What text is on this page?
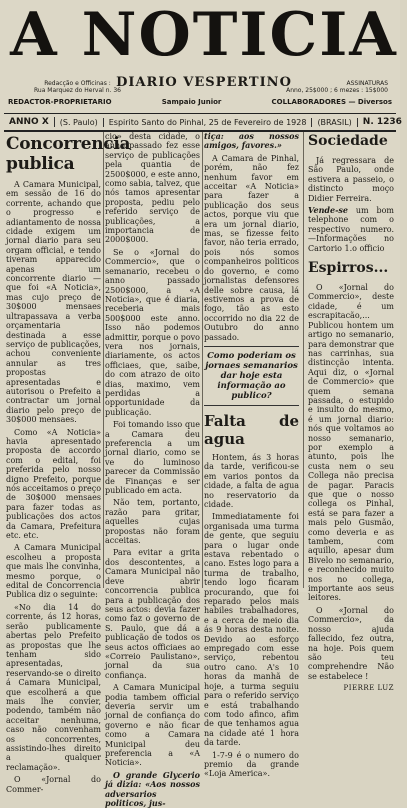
A NOTICIA
Redacção e Officinas :
Rua Marquez do Herval n. 36
DIARIO VESPERTINO	ASSINATURAS
Anno, 25$000 ; 6 mezes : 15$000
REDACTOR-PROPRIETARIO	Sampaio Junior	COLLABORADORES — Diversos
ANNO X	(S. Paulo)	Espirito Santo do Pinhal, 25 de Fevereiro de 1928	(BRASIL)	N. 1236
Concorrencia publica

A Camara Municipal, em sessão de 16 do corrente, achando que o progresso e adiantamento de nossa cidade exigem um jornal diario para seu orgam official, e tendo tiveram apparecido apenas um concorrente diario — que foi «A Noticia», mas cujo preço de 30$000 mensaes ultrapassava a verba orçamentaria destinada a esse serviço de publicações, achou conveniente annular as tres propostas apresentadas e autorisou o Prefeito a contractar um jornal diario pelo preço de 30$000 mensaes.

Como «A Noticia» havia apresentado proposta de accordo com o edital, foi preferida pelo nosso digno Prefeito, porque nós acceitamos o preço de 30$000 mensaes para fazer todas as publicações dos actos da Camara, Prefeitura etc. etc.

A Camara Municipal escolheu a proposta que mais lhe convinha, mesmo porque, o edital de Concorrencia Publica diz o seguinte:

«No dia 14 do corrente, ás 12 horas, serão publicamente abertas pelo Prefeito as propostas que lhe tenham sido apresentadas, reservando-se o direito á Camara Municipal, que escolherá a que mais lhe convier, podendo, também não acceitar nenhuma, caso não convenham os concorrentes, assistindo-lhes direito a qualquer reclamação».

O «Jornal do Commer-

cio» desta cidade, o anno passado fez esse serviço de publicações pela quantia de 2500$000, e este anno, como sabia, talvez, que nós tamos apresentar proposta, pediu pelo referido serviço de publicações, a importancia de 2000$000.

Se o «Jornal do Commercio», que o semanario, recebeu o anno passado 2500$000, a «A Noticia», que é diaria, receberia mais 500$000 este anno. Isso não podemos admittir, porque o povo vera nos jornais, diariamente, os actos officiaes, que, saibe, do com atrazo de oito dias, maximo, vem perdidas a opportunidade da publicação.

Foi tomando isso que a Camara deu preferencia a um jornal diario, como se ve do luminoso parecer da Commissão de Finanças e ser publicado em acta.

Não tem, portanto, razão para gritar, aquelles cujas propostas não foram acceitas.

Para evitar a grita dos descontentes, a Camara Municipal não deve abrir concorrencia publica para a publicação dos seus actos: devia fazer como faz o governo de S. Paulo, que dá a publicação de todos os seus actos officiaes ao «Correio Paulistano», jornal da sua confiança.

A Camara Municipal podia tambem official deveria servir um jornal de confiança do governo e não ficar como a Camara Municipal deu preferencia a «A Noticia».

O grande Glycerio já dizia: «Aos nossos adversarios politicos, jus-

tiça: aos nossos amigos, favores.»

A Camara de Pinhal, porém, não fez nenhum favor em acceitar «A Noticia» para fazer a publicação dos seus actos, porque viu que era um jornal diario, mas, se fizesse feito favor, não teria errado, pois nós somos companheiros politicos do governo, e como jornalistas defensores delle sobre causa, lá estivemos a prova de fogo, tão as esto occorrido no dia 22 de Outubro do anno passado.

Como poderiam os jornaes semanarios dar hoje esta informação ao publico?
Falta de agua

Hontem, ás 3 horas da tarde, verificou-se em varios pontos da cidade, a falta de agua no reservatorio da cidade.

Immediatamente foi organisada uma turma de gente, que seguiu para o lugar onde estava rebentado o cano. Estes logo para a turma de trabalho, tendo logo ficaram procurando, que foi reparado pelos mais habiles trabalhadores, e a cerca de meio dia ás 9 horas desta noite. Devido ao esforço empregado com esse serviço, rebentou outro cano. A's 10 horas da manhã de hoje, a turma seguiu para o referido serviço e está trabalhando com todo afinco, afim de que tenhamos agua na cidade até 1 hora da tarde.

1-7-9 é o numero do premio da grande «Loja America».

Sociedade

Já regressara de São Paulo, onde estivera a passeio, o distincto moço Didier Ferreira.

Vende-se um bom telephone com o respectivo numero.—Informações no Cartorio 1.o officio

Espirros...

O «Jornal do Commercio», deste cidade, é um escrapitacão,... Publicou hontem um artigo no semanario, para demonstrar que nas carrinhas, sua distincção intenta. Aqui diz, o «Jornal de Commercio» que quem semana passada, o estupido e insulto do mesmo, é um jornal diario: nós que voltamos ao nosso semanario, por exemplo a atunto, pois lhe custa nem o seu Collega não precisa de pagar. Paracis que que o nosso collega os Pinhal, está se para fazer a mais pelo Gusmão, como deveria e as tambem, com aquillo, apesar dum Bivelo no semanario, e reconhecido muito nos no collega, importante aos seus leitores.

O «Jornal do Commercio», da nosso ajuda fallecido, fez outra, na hoje. Pois quem são teu comprehendre Não se estabelece !

PIERRE LUZ
